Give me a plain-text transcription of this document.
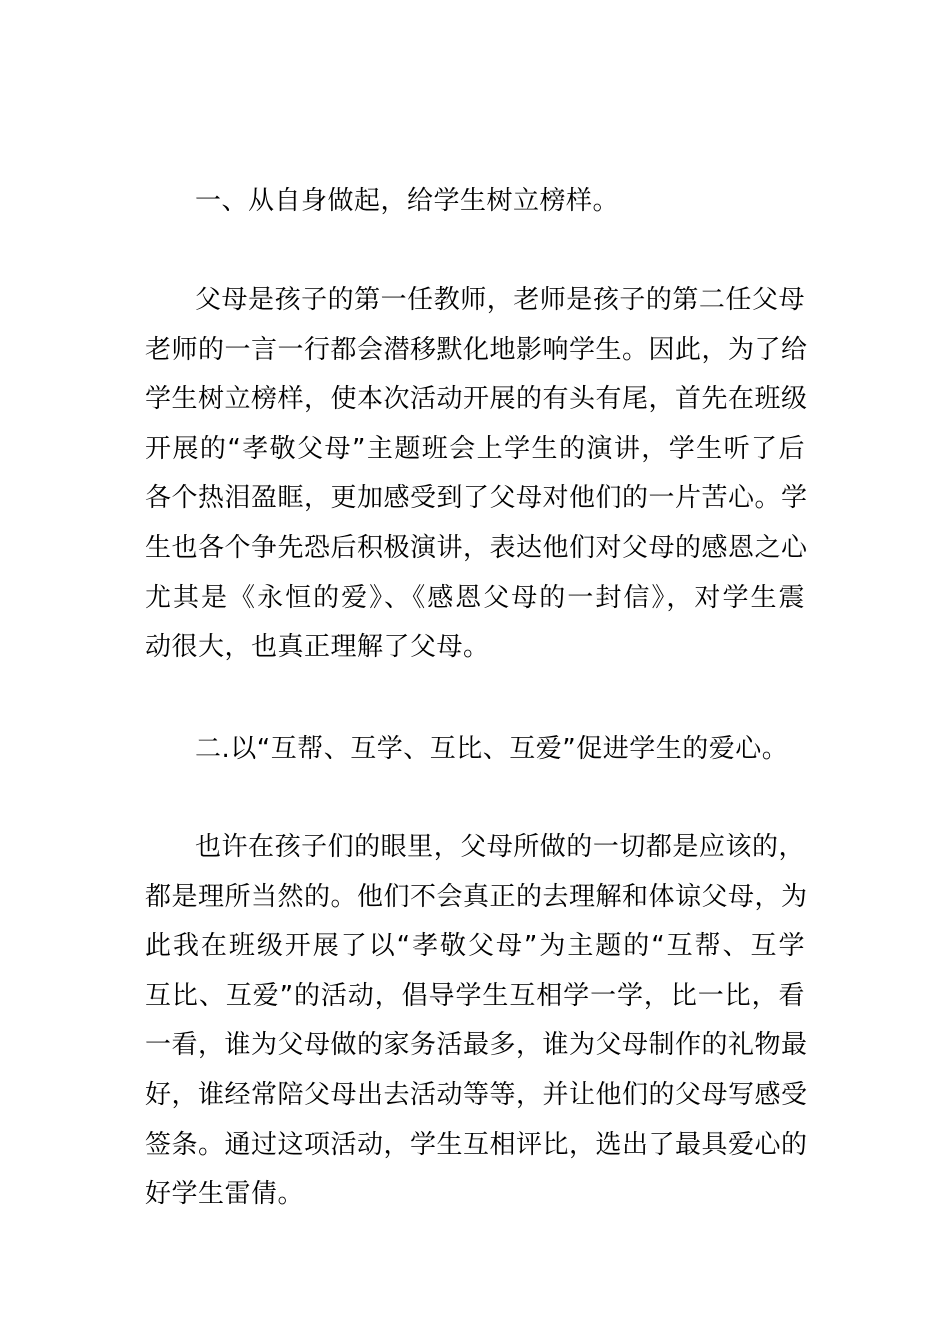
一、从自身做起，给学生树立榜样。
父母是孩子的第一任教师，老师是孩子的第二任父母
老师的一言一行都会潜移默化地影响学生。因此，为了给
学生树立榜样，使本次活动开展的有头有尾，首先在班级
开展的“孝敬父母”主题班会上学生的演讲，学生听了后
各个热泪盈眶，更加感受到了父母对他们的一片苦心。学
生也各个争先恐后积极演讲，表达他们对父母的感恩之心
尤其是《永恒的爱》、《感恩父母的一封信》，对学生震
动很大，也真正理解了父母。
二.以“互帮、互学、互比、互爱”促进学生的爱心。
也许在孩子们的眼里，父母所做的一切都是应该的，
都是理所当然的。他们不会真正的去理解和体谅父母，为
此我在班级开展了以“孝敬父母”为主题的“互帮、互学
互比、互爱”的活动，倡导学生互相学一学，比一比，看
一看，谁为父母做的家务活最多，谁为父母制作的礼物最
好，谁经常陪父母出去活动等等，并让他们的父母写感受
签条。通过这项活动，学生互相评比，选出了最具爱心的
好学生雷倩。
